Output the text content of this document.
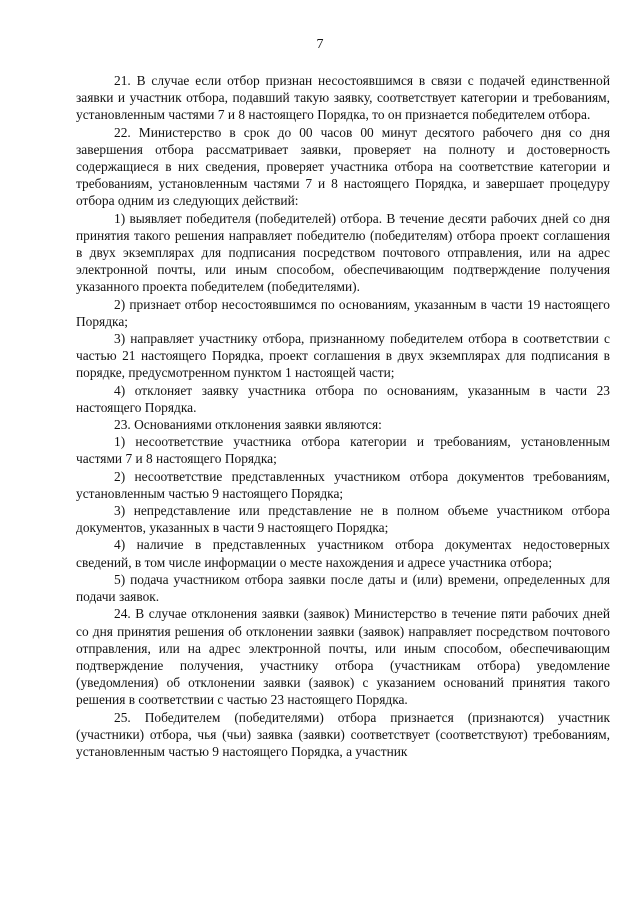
7

21. В случае если отбор признан несостоявшимся в связи с подачей единственной заявки и участник отбора, подавший такую заявку, соответствует категории и требованиям, установленным частями 7 и 8 настоящего Порядка, то он признается победителем отбора.

22. Министерство в срок до 00 часов 00 минут десятого рабочего дня со дня завершения отбора рассматривает заявки, проверяет на полноту и достоверность содержащиеся в них сведения, проверяет участника отбора на соответствие категории и требованиям, установленным частями 7 и 8 настоящего Порядка, и завершает процедуру отбора одним из следующих действий:

1) выявляет победителя (победителей) отбора. В течение десяти рабочих дней со дня принятия такого решения направляет победителю (победителям) отбора проект соглашения в двух экземплярах для подписания посредством почтового отправления, или на адрес электронной почты, или иным способом, обеспечивающим подтверждение получения указанного проекта победителем (победителями).

2) признает отбор несостоявшимся по основаниям, указанным в части 19 настоящего Порядка;

3) направляет участнику отбора, признанному победителем отбора в соответствии с частью 21 настоящего Порядка, проект соглашения в двух экземплярах для подписания в порядке, предусмотренном пунктом 1 настоящей части;

4) отклоняет заявку участника отбора по основаниям, указанным в части 23 настоящего Порядка.

23. Основаниями отклонения заявки являются:

1) несоответствие участника отбора категории и требованиям, установленным частями 7 и 8 настоящего Порядка;

2) несоответствие представленных участником отбора документов требованиям, установленным частью 9 настоящего Порядка;

3) непредставление или представление не в полном объеме участником отбора документов, указанных в части 9 настоящего Порядка;

4) наличие в представленных участником отбора документах недостоверных сведений, в том числе информации о месте нахождения и адресе участника отбора;

5) подача участником отбора заявки после даты и (или) времени, определенных для подачи заявок.

24. В случае отклонения заявки (заявок) Министерство в течение пяти рабочих дней со дня принятия решения об отклонении заявки (заявок) направляет посредством почтового отправления, или на адрес электронной почты, или иным способом, обеспечивающим подтверждение получения, участнику отбора (участникам отбора) уведомление (уведомления) об отклонении заявки (заявок) с указанием оснований принятия такого решения в соответствии с частью 23 настоящего Порядка.

25. Победителем (победителями) отбора признается (признаются) участник (участники) отбора, чья (чьи) заявка (заявки) соответствует (соответствуют) требованиям, установленным частью 9 настоящего Порядка, а участник
